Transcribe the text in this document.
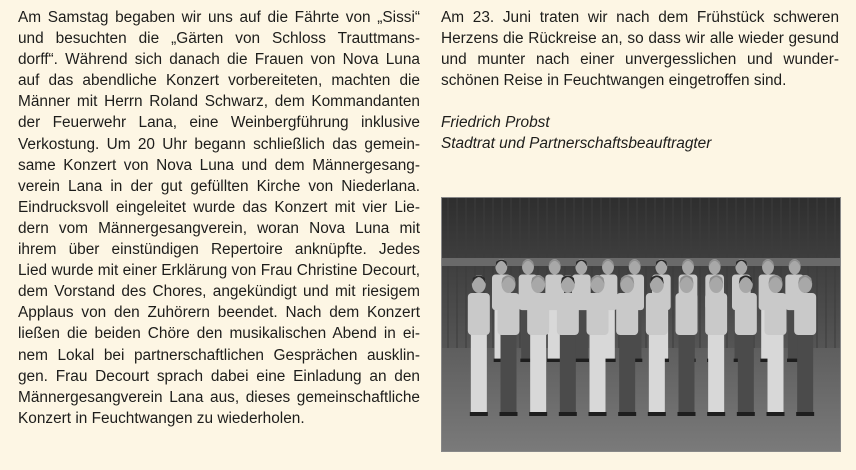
Am Samstag begaben wir uns auf die Fährte von „Sissi“

und besuchten die „Gärten von Schloss Trauttmans-

dorff“. Während sich danach die Frauen von Nova Luna

auf das abendliche Konzert vorbereiteten, machten die

Männer mit Herrn Roland Schwarz, dem Kommandanten

der Feuerwehr Lana, eine Weinbergführung inklusive

Verkostung. Um 20 Uhr begann schließlich das gemein-

same Konzert von Nova Luna und dem Männergesang-

verein Lana in der gut gefüllten Kirche von Niederlana.

Eindrucksvoll eingeleitet wurde das Konzert mit vier Lie-

dern vom Männergesangverein, woran Nova Luna mit

ihrem über einstündigen Repertoire anknüpfte. Jedes

Lied wurde mit einer Erklärung von Frau Christine Decourt,

dem Vorstand des Chores, angekündigt und mit riesigem

Applaus von den Zuhörern beendet. Nach dem Konzert

ließen die beiden Chöre den musikalischen Abend in ei-

nem Lokal bei partnerschaftlichen Gesprächen ausklin-

gen. Frau Decourt sprach dabei eine Einladung an den

Männergesangverein Lana aus, dieses gemeinschaftliche

Konzert in Feuchtwangen zu wiederholen.

Am 23. Juni traten wir nach dem Frühstück schweren

Herzens die Rückreise an, so dass wir alle wieder gesund

und munter nach einer unvergesslichen und wunder-

schönen Reise in Feuchtwangen eingetroffen sind.

Friedrich Probst
Stadtrat und Partnerschaftsbeauftragter
